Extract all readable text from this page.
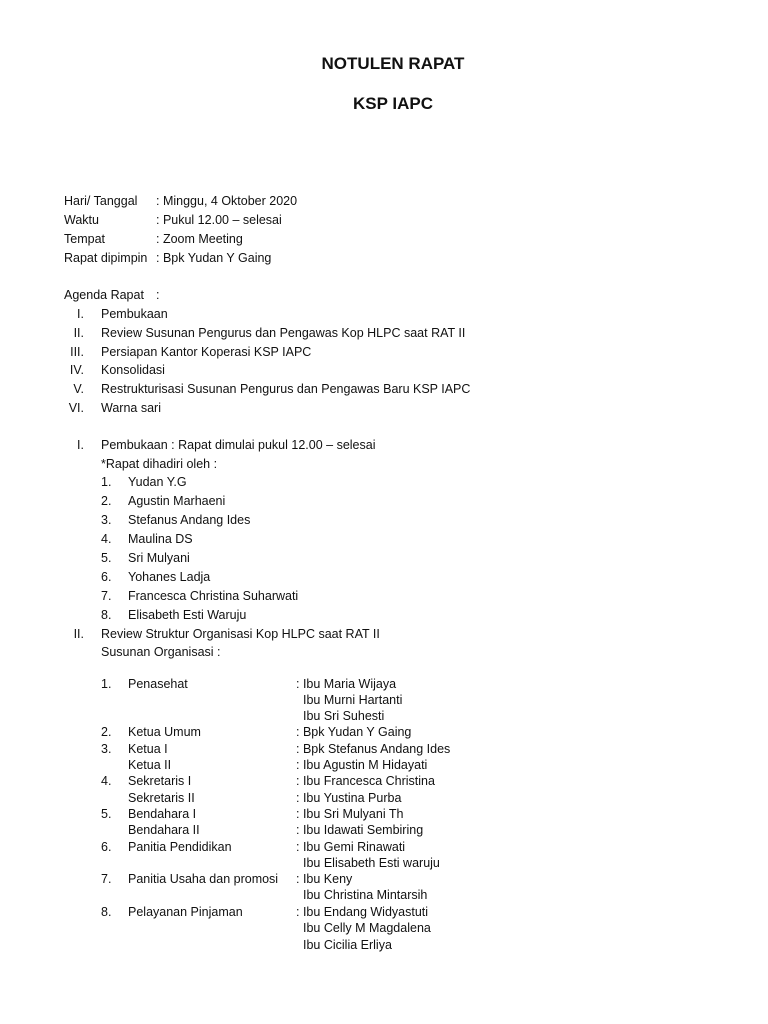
NOTULEN RAPAT
KSP IAPC
Hari/ Tanggal : Minggu, 4 Oktober 2020
Waktu	: Pukul 12.00 – selesai
Tempat	: Zoom Meeting
Rapat dipimpin : Bpk Yudan Y Gaing
Agenda Rapat :
I. Pembukaan
II. Review Susunan Pengurus dan Pengawas Kop HLPC saat RAT II
III. Persiapan Kantor Koperasi KSP IAPC
IV. Konsolidasi
V. Restrukturisasi Susunan Pengurus dan Pengawas Baru KSP IAPC
VI. Warna sari
I. Pembukaan : Rapat dimulai pukul 12.00 – selesai
*Rapat dihadiri oleh :
1. Yudan Y.G
2. Agustin Marhaeni
3. Stefanus Andang Ides
4. Maulina DS
5. Sri Mulyani
6. Yohanes Ladja
7. Francesca Christina Suharwati
8. Elisabeth Esti Waruju
II. Review Struktur Organisasi Kop HLPC saat RAT II
Susunan Organisasi :
1. Penasehat	: Ibu Maria Wijaya
Ibu Murni Hartanti
Ibu Sri Suhesti
2. Ketua Umum	: Bpk Yudan Y Gaing
3. Ketua I	: Bpk Stefanus Andang Ides
Ketua II	: Ibu Agustin M Hidayati
4. Sekretaris I	: Ibu Francesca Christina
Sekretaris II	: Ibu Yustina Purba
5. Bendahara I	: Ibu Sri Mulyani Th
Bendahara II	: Ibu Idawati Sembiring
6. Panitia Pendidikan	: Ibu Gemi Rinawati
Ibu Elisabeth Esti waruju
7. Panitia Usaha dan promosi : Ibu Keny
Ibu Christina Mintarsih
8. Pelayanan Pinjaman	: Ibu Endang Widyastuti
Ibu Celly M Magdalena
Ibu Cicilia Erliya
